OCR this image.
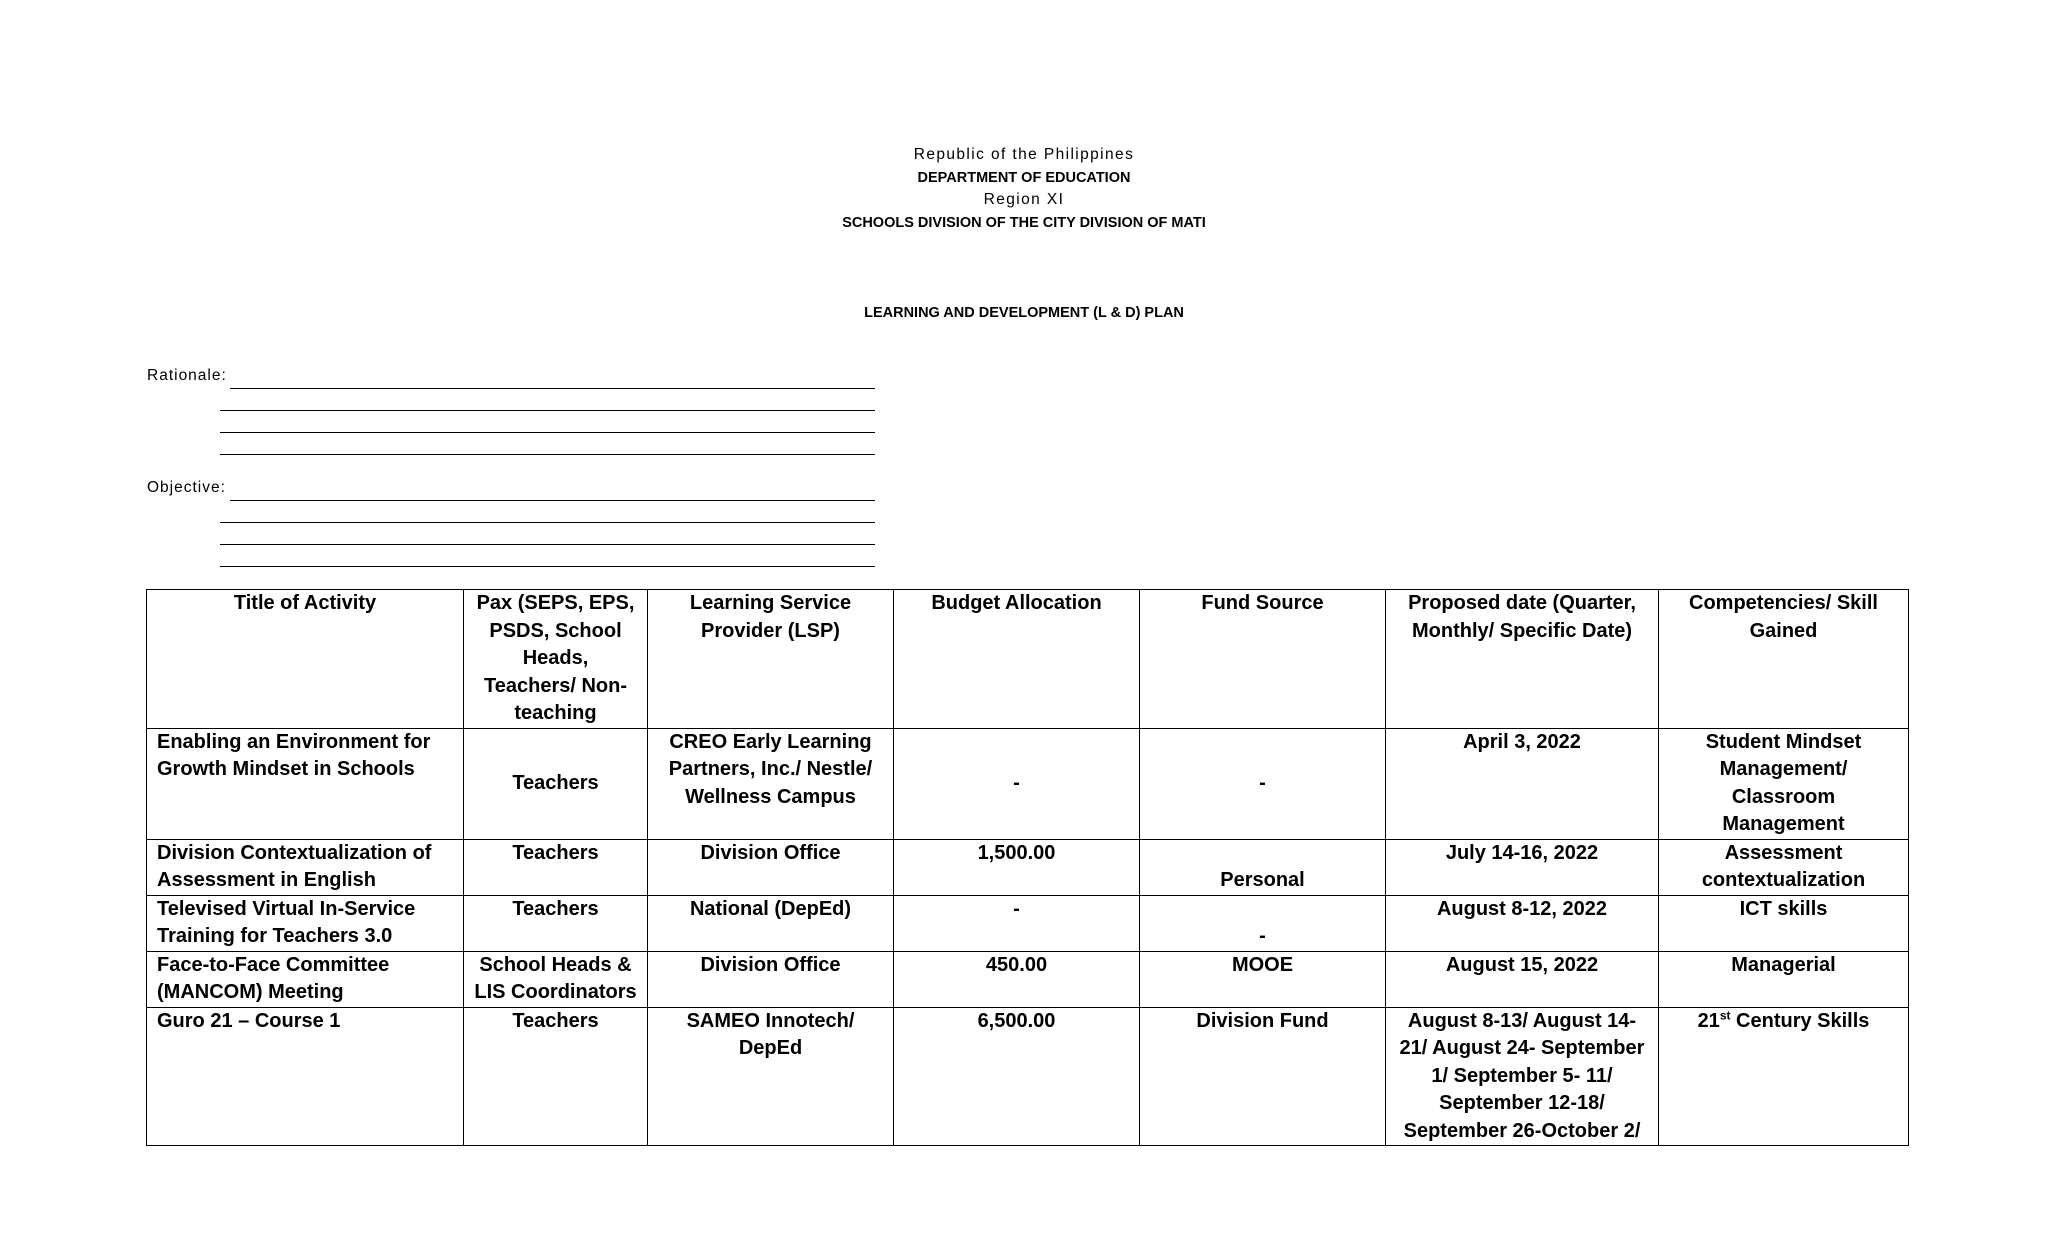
Republic of the Philippines
DEPARTMENT OF EDUCATION
Region XI
SCHOOLS DIVISION OF THE CITY DIVISION OF MATI
LEARNING AND DEVELOPMENT (L & D) PLAN
Rationale:
Objective:
Title of Activity	Pax (SEPS, EPS, PSDS, School Heads, Teachers/ Non-teaching	Learning Service Provider (LSP)	Budget Allocation	Fund Source	Proposed date (Quarter, Monthly/ Specific Date)	Competencies/ Skill Gained
Enabling an Environment for Growth Mindset in Schools	Teachers	CREO Early Learning Partners, Inc./ Nestle/ Wellness Campus	-	-	April 3, 2022	Student Mindset Management/ Classroom Management
Division Contextualization of Assessment in English	Teachers	Division Office	1,500.00	Personal	July 14-16, 2022	Assessment contextualization
Televised Virtual In-Service Training for Teachers 3.0	Teachers	National (DepEd)	-	-	August 8-12, 2022	ICT skills
Face-to-Face Committee (MANCOM) Meeting	School Heads & LIS Coordinators	Division Office	450.00	MOOE	August 15, 2022	Managerial
Guro 21 – Course 1	Teachers	SAMEO Innotech/ DepEd	6,500.00	Division Fund	August 8-13/ August 14-21/ August 24- September 1/ September 5- 11/ September 12-18/ September 26-October 2/	21st Century Skills
